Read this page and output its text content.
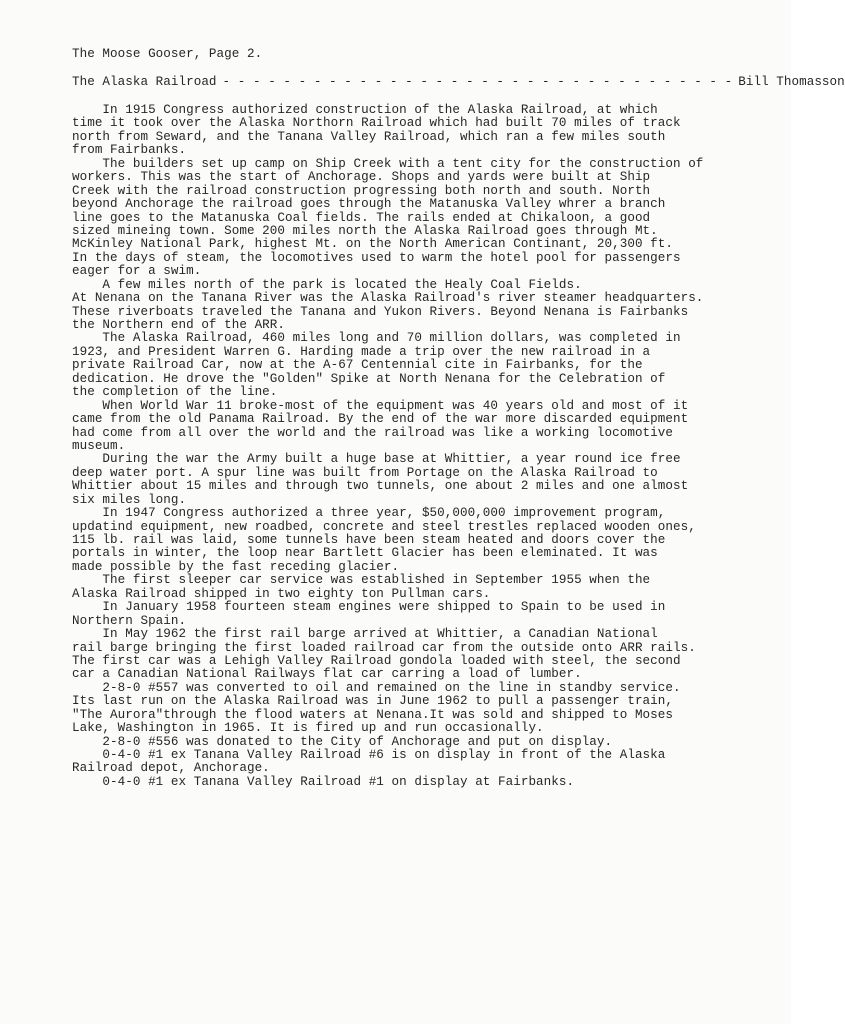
The Moose Gooser, Page 2.
The Alaska Railroad - - - - - - - - - - - - - - - - - - - - - - - - - - - - - - - - - - Bill Thomasson
In 1915 Congress authorized construction of the Alaska Railroad, at which
time it took over the Alaska Northorn Railroad which had built 70 miles of track
north from Seward, and the Tanana Valley Railroad, which ran a few miles south
from Fairbanks.
The builders set up camp on Ship Creek with a tent city for the construction of
workers. This was the start of Anchorage. Shops and yards were built at Ship
Creek with the railroad construction progressing both north and south. North
beyond Anchorage the railroad goes through the Matanuska Valley whrer a branch
line goes to the Matanuska Coal fields. The rails ended at Chikaloon, a good
sized mineing town. Some 200 miles north the Alaska Railroad goes through Mt.
McKinley National Park, highest Mt. on the North American Continant, 20,300 ft.
In the days of steam, the locomotives used to warm the hotel pool for passengers
eager for a swim.
A few miles north of the park is located the Healy Coal Fields.
At Nenana on the Tanana River was the Alaska Railroad's river steamer headquarters.
These riverboats traveled the Tanana and Yukon Rivers. Beyond Nenana is Fairbanks
the Northern end of the ARR.
The Alaska Railroad, 460 miles long and 70 million dollars, was completed in
1923, and President Warren G. Harding made a trip over the new railroad in a
private Railroad Car, now at the A-67 Centennial cite in Fairbanks, for the
dedication. He drove the "Golden" Spike at North Nenana for the Celebration of
the completion of the line.
When World War 11 broke-most of the equipment was 40 years old and most of it
came from the old Panama Railroad. By the end of the war more discarded equipment
had come from all over the world and the railroad was like a working locomotive
museum.
During the war the Army built a huge base at Whittier, a year round ice free
deep water port. A spur line was built from Portage on the Alaska Railroad to
Whittier about 15 miles and through two tunnels, one about 2 miles and one almost
six miles long.
In 1947 Congress authorized a three year, $50,000,000 improvement program,
updatind equipment, new roadbed, concrete and steel trestles replaced wooden ones,
115 lb. rail was laid, some tunnels have been steam heated and doors cover the
portals in winter, the loop near Bartlett Glacier has been eleminated. It was
made possible by the fast receding glacier.
The first sleeper car service was established in September 1955 when the
Alaska Railroad shipped in two eighty ton Pullman cars.
In January 1958 fourteen steam engines were shipped to Spain to be used in
Northern Spain.
In May 1962 the first rail barge arrived at Whittier, a Canadian National
rail barge bringing the first loaded railroad car from the outside onto ARR rails.
The first car was a Lehigh Valley Railroad gondola loaded with steel, the second
car a Canadian National Railways flat car carring a load of lumber.
2-8-0 #557 was converted to oil and remained on the line in standby service.
Its last run on the Alaska Railroad was in June 1962 to pull a passenger train,
"The Aurora"through the flood waters at Nenana.It was sold and shipped to Moses
Lake, Washington in 1965. It is fired up and run occasionally.
2-8-0 #556 was donated to the City of Anchorage and put on display.
0-4-0 #1 ex Tanana Valley Railroad #6 is on display in front of the Alaska
Railroad depot, Anchorage.
0-4-0 #1 ex Tanana Valley Railroad #1 on display at Fairbanks.
